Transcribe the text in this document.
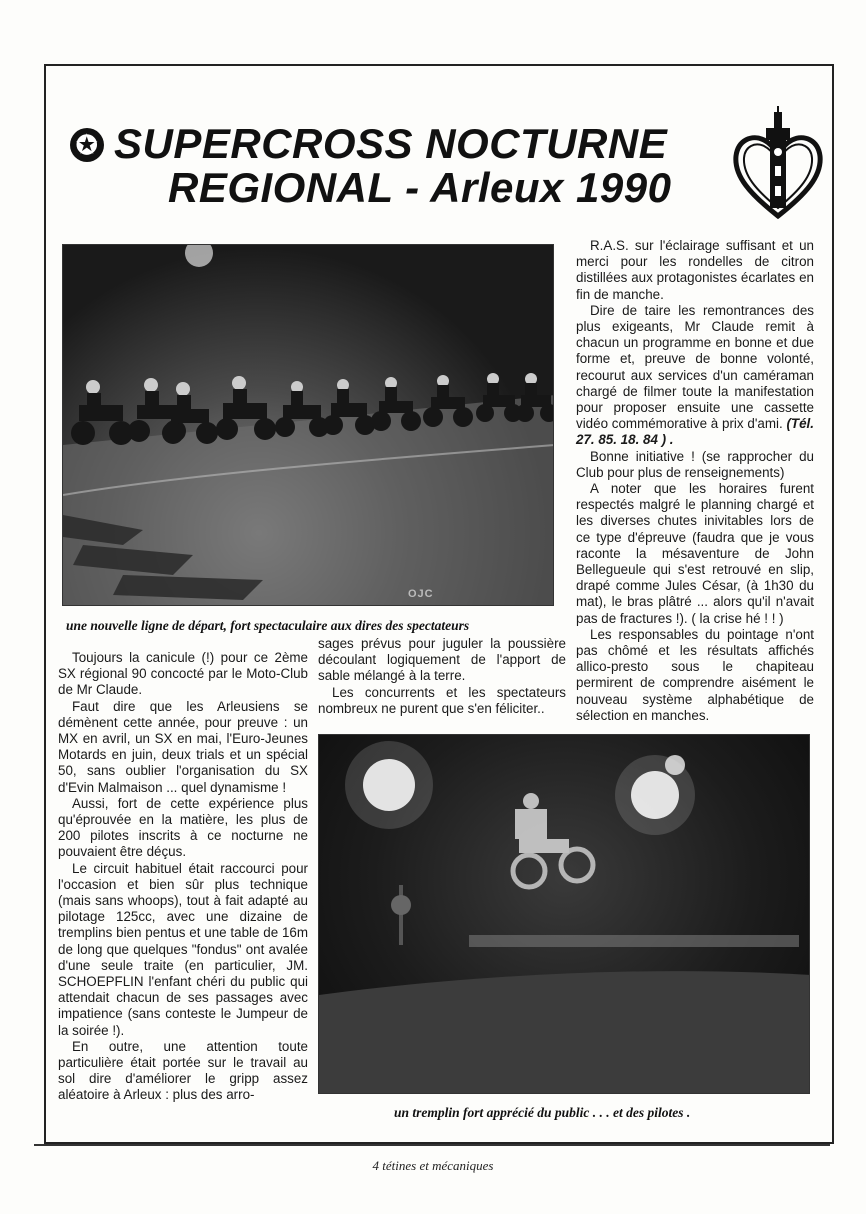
✪ SUPERCROSS NOCTURNE
REGIONAL - Arleux 1990
OJC
une nouvelle ligne de départ, fort spectaculaire aux dires des spectateurs
un tremplin fort apprécié du public . . . et des pilotes .

Toujours la canicule (!) pour ce 2ème SX régional 90 concocté par le Moto-Club de Mr Claude.

Faut dire que les Arleusiens se démènent cette année, pour preuve : un MX en avril, un SX en mai, l'Euro-Jeunes Motards en juin, deux trials et un spécial 50, sans oublier l'organisation du SX d'Evin Malmaison ... quel dynamisme !

Aussi, fort de cette expérience plus qu'éprouvée en la matière, les plus de 200 pilotes inscrits à ce nocturne ne pouvaient être déçus.

Le circuit habituel était raccourci pour l'occasion et bien sûr plus technique (mais sans whoops), tout à fait adapté au pilotage 125cc, avec une dizaine de tremplins bien pentus et une table de 16m de long que quelques "fondus" ont avalée d'une seule traite (en particulier, JM. SCHOEPFLIN l'enfant chéri du public qui attendait chacun de ses passages avec impatience (sans conteste le Jumpeur de la soirée !).

En outre, une attention toute particulière était portée sur le travail au sol dire d'améliorer le gripp assez aléatoire à Arleux : plus des arro-

sages prévus pour juguler la poussière découlant logiquement de l'apport de sable mélangé à la terre.

Les concurrents et les spectateurs nombreux ne purent que s'en féliciter..

R.A.S. sur l'éclairage suffisant et un merci pour les rondelles de citron distillées aux protagonistes écarlates en fin de manche.

Dire de taire les remontrances des plus exigeants, Mr Claude remit à chacun un programme en bonne et due forme et, preuve de bonne volonté, recourut aux services d'un caméraman chargé de filmer toute la manifestation pour proposer ensuite une cassette vidéo commémorative à prix d'ami. (Tél. 27. 85. 18. 84 ) .

Bonne initiative ! (se rapprocher du Club pour plus de renseignements)

A noter que les horaires furent respectés malgré le planning chargé et les diverses chutes inivitables lors de ce type d'épreuve (faudra que je vous raconte la mésaventure de John Bellegueule qui s'est retrouvé en slip, drapé comme Jules César, (à 1h30 du mat), le bras plâtré ... alors qu'il n'avait pas de fractures !). ( la crise hé ! ! )

Les responsables du pointage n'ont pas chômé et les résultats affichés allico-presto sous le chapiteau permirent de comprendre aisément le nouveau système alphabétique de sélection en manches.

4 tétines et mécaniques
